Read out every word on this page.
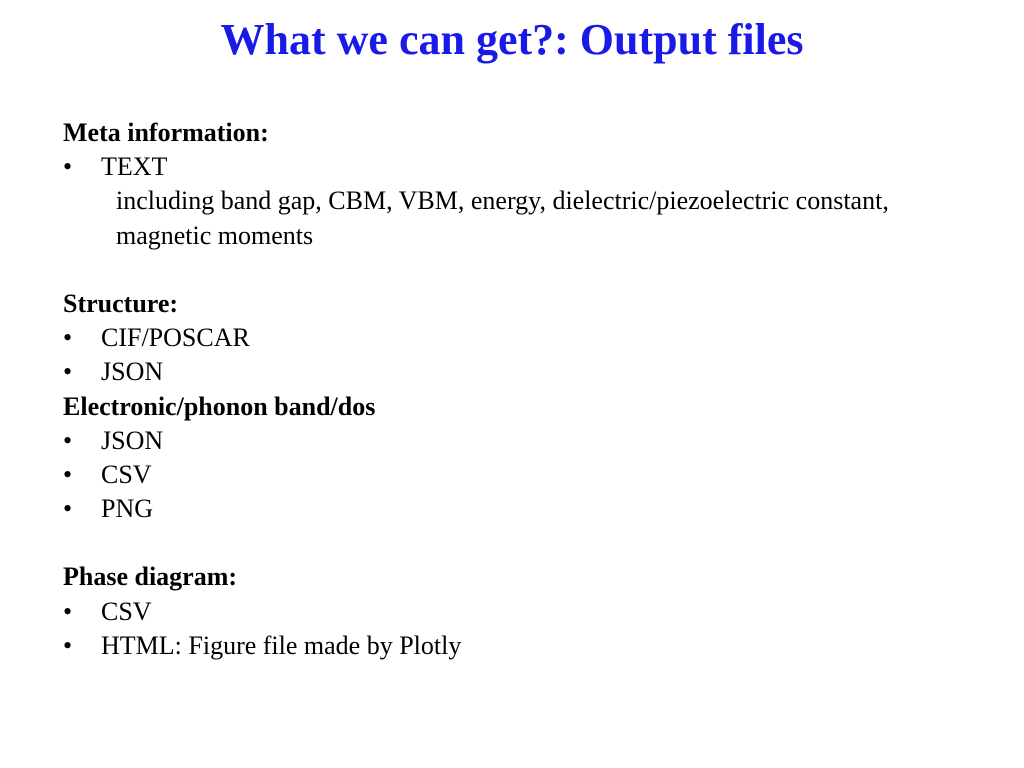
What we can get?: Output files
Meta information:
• TEXT
including band gap, CBM, VBM, energy, dielectric/piezoelectric constant,
magnetic moments
Structure:
• CIF/POSCAR
• JSON
Electronic/phonon band/dos
• JSON
• CSV
• PNG
Phase diagram:
• CSV
• HTML: Figure file made by Plotly
